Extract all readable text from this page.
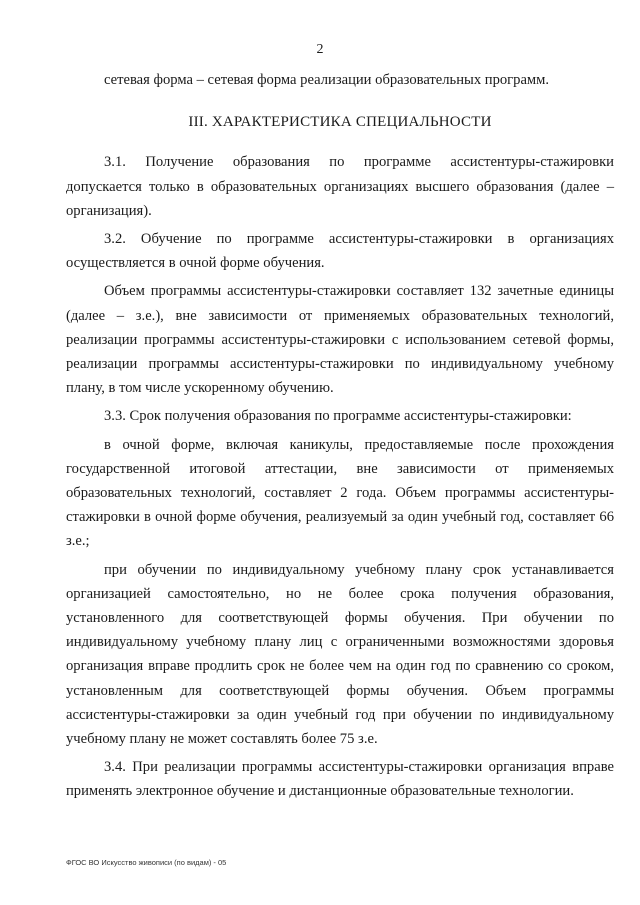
2

сетевая форма – сетевая форма реализации образовательных программ.

III. ХАРАКТЕРИСТИКА СПЕЦИАЛЬНОСТИ

3.1. Получение образования по программе ассистентуры-стажировки допускается только в образовательных организациях высшего образования (далее – организация).

3.2. Обучение по программе ассистентуры-стажировки в организациях осуществляется в очной форме обучения.

Объем программы ассистентуры-стажировки составляет 132 зачетные единицы (далее – з.е.), вне зависимости от применяемых образовательных технологий, реализации программы ассистентуры-стажировки с использованием сетевой формы, реализации программы ассистентуры-стажировки по индивидуальному учебному плану, в том числе ускоренному обучению.

3.3. Срок получения образования по программе ассистентуры-стажировки:

в очной форме, включая каникулы, предоставляемые после прохождения государственной итоговой аттестации, вне зависимости от применяемых образовательных технологий, составляет 2 года. Объем программы ассистентуры-стажировки в очной форме обучения, реализуемый за один учебный год, составляет 66 з.е.;

при обучении по индивидуальному учебному плану срок устанавливается организацией самостоятельно, но не более срока получения образования, установленного для соответствующей формы обучения. При обучении по индивидуальному учебному плану лиц с ограниченными возможностями здоровья организация вправе продлить срок не более чем на один год по сравнению со сроком, установленным для соответствующей формы обучения. Объем программы ассистентуры-стажировки за один учебный год при обучении по индивидуальному учебному плану не может составлять более 75 з.е.

3.4. При реализации программы ассистентуры-стажировки организация вправе применять электронное обучение и дистанционные образовательные технологии.

ФГОС ВО Искусство живописи (по видам) - 05
